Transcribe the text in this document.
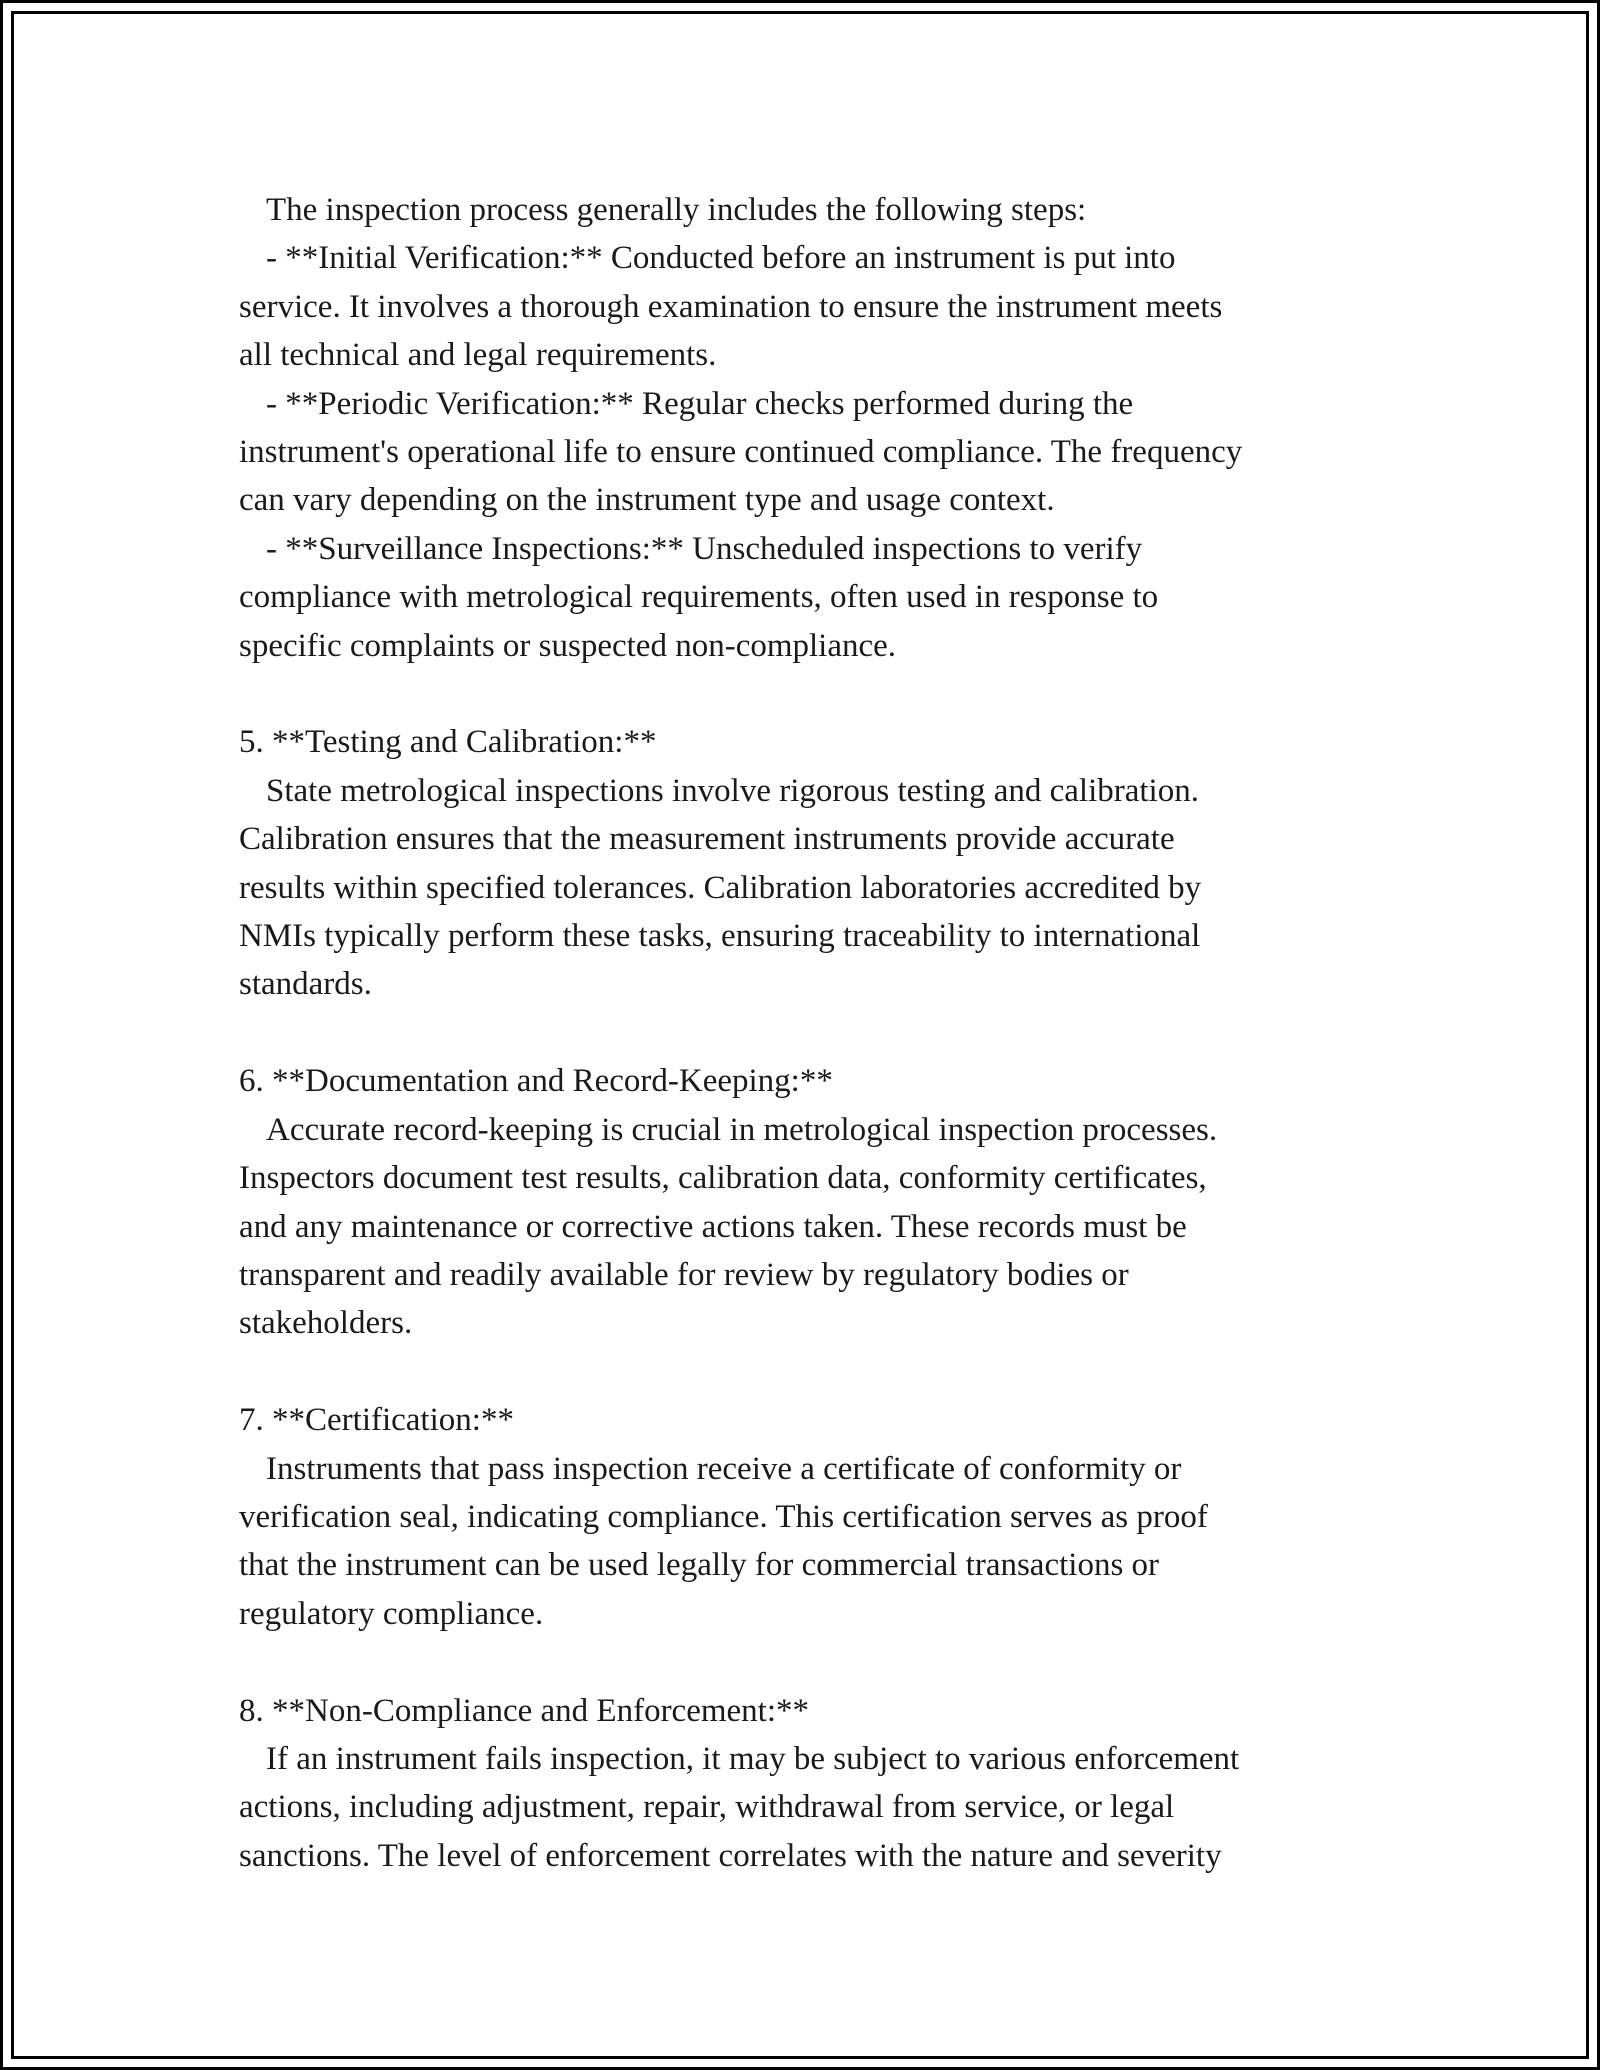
The inspection process generally includes the following steps:

- **Initial Verification:** Conducted before an instrument is put into
service. It involves a thorough examination to ensure the instrument meets
all technical and legal requirements.

- **Periodic Verification:** Regular checks performed during the
instrument's operational life to ensure continued compliance. The frequency
can vary depending on the instrument type and usage context.

- **Surveillance Inspections:** Unscheduled inspections to verify
compliance with metrological requirements, often used in response to
specific complaints or suspected non-compliance.

5. **Testing and Calibration:**
State metrological inspections involve rigorous testing and calibration.
Calibration ensures that the measurement instruments provide accurate
results within specified tolerances. Calibration laboratories accredited by
NMIs typically perform these tasks, ensuring traceability to international
standards.
6. **Documentation and Record-Keeping:**
Accurate record-keeping is crucial in metrological inspection processes.
Inspectors document test results, calibration data, conformity certificates,
and any maintenance or corrective actions taken. These records must be
transparent and readily available for review by regulatory bodies or
stakeholders.
7. **Certification:**
Instruments that pass inspection receive a certificate of conformity or
verification seal, indicating compliance. This certification serves as proof
that the instrument can be used legally for commercial transactions or
regulatory compliance.
8. **Non-Compliance and Enforcement:**
If an instrument fails inspection, it may be subject to various enforcement
actions, including adjustment, repair, withdrawal from service, or legal
sanctions. The level of enforcement correlates with the nature and severity
